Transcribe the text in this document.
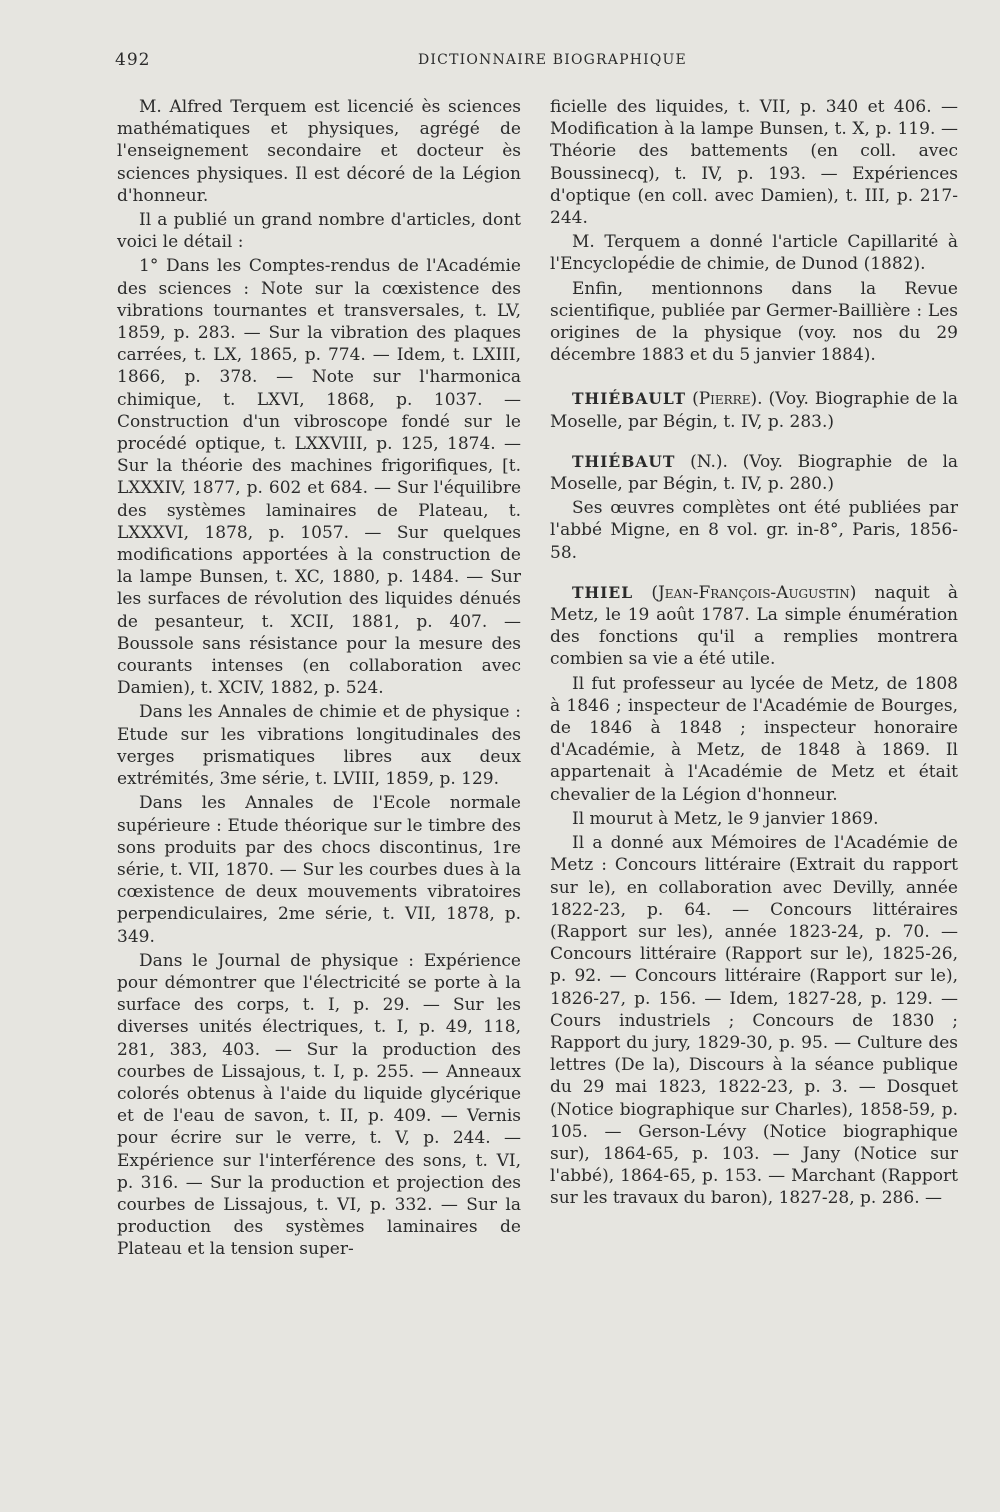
492	DICTIONNAIRE BIOGRAPHIQUE

M. Alfred Terquem est licencié ès sciences mathématiques et physiques, agrégé de l'enseignement secondaire et docteur ès sciences physiques. Il est décoré de la Légion d'honneur.

Il a publié un grand nombre d'articles, dont voici le détail :

1° Dans les Comptes-rendus de l'Académie des sciences : Note sur la cœxistence des vibrations tournantes et transversales, t. LV, 1859, p. 283. — Sur la vibration des plaques carrées, t. LX, 1865, p. 774. — Idem, t. LXIII, 1866, p. 378. — Note sur l'harmonica chimique, t. LXVI, 1868, p. 1037. — Construction d'un vibroscope fondé sur le procédé optique, t. LXXVIII, p. 125, 1874. — Sur la théorie des machines frigorifiques, [t. LXXXIV, 1877, p. 602 et 684. — Sur l'équilibre des systèmes laminaires de Plateau, t. LXXXVI, 1878, p. 1057. — Sur quelques modifications apportées à la construction de la lampe Bunsen, t. XC, 1880, p. 1484. — Sur les surfaces de révolution des liquides dénués de pesanteur, t. XCII, 1881, p. 407. — Boussole sans résistance pour la mesure des courants intenses (en collaboration avec Damien), t. XCIV, 1882, p. 524.

Dans les Annales de chimie et de physique : Etude sur les vibrations longitudinales des verges prismatiques libres aux deux extrémités, 3me série, t. LVIII, 1859, p. 129.

Dans les Annales de l'Ecole normale supérieure : Etude théorique sur le timbre des sons produits par des chocs discontinus, 1re série, t. VII, 1870. — Sur les courbes dues à la cœxistence de deux mouvements vibratoires perpendiculaires, 2me série, t. VII, 1878, p. 349.

Dans le Journal de physique : Expérience pour démontrer que l'électricité se porte à la surface des corps, t. I, p. 29. — Sur les diverses unités électriques, t. I, p. 49, 118, 281, 383, 403. — Sur la production des courbes de Lissajous, t. I, p. 255. — Anneaux colorés obtenus à l'aide du liquide glycérique et de l'eau de savon, t. II, p. 409. — Vernis pour écrire sur le verre, t. V, p. 244. — Expérience sur l'interférence des sons, t. VI, p. 316. — Sur la production et projection des courbes de Lissajous, t. VI, p. 332. — Sur la production des systèmes laminaires de Plateau et la tension super-

ficielle des liquides, t. VII, p. 340 et 406. — Modification à la lampe Bunsen, t. X, p. 119. — Théorie des battements (en coll. avec Boussinecq), t. IV, p. 193. — Expériences d'optique (en coll. avec Damien), t. III, p. 217-244.

M. Terquem a donné l'article Capillarité à l'Encyclopédie de chimie, de Dunod (1882).

Enfin, mentionnons dans la Revue scientifique, publiée par Germer-Baillière : Les origines de la physique (voy. nos du 29 décembre 1883 et du 5 janvier 1884).

THIÉBAULT (Pierre). (Voy. Biographie de la Moselle, par Bégin, t. IV, p. 283.)

THIÉBAUT (N.). (Voy. Biographie de la Moselle, par Bégin, t. IV, p. 280.)

Ses œuvres complètes ont été publiées par l'abbé Migne, en 8 vol. gr. in-8°, Paris, 1856-58.

THIEL (Jean-François-Augustin) naquit à Metz, le 19 août 1787. La simple énumération des fonctions qu'il a remplies montrera combien sa vie a été utile.

Il fut professeur au lycée de Metz, de 1808 à 1846 ; inspecteur de l'Académie de Bourges, de 1846 à 1848 ; inspecteur honoraire d'Académie, à Metz, de 1848 à 1869. Il appartenait à l'Académie de Metz et était chevalier de la Légion d'honneur.

Il mourut à Metz, le 9 janvier 1869.

Il a donné aux Mémoires de l'Académie de Metz : Concours littéraire (Extrait du rapport sur le), en collaboration avec Devilly, année 1822-23, p. 64. — Concours littéraires (Rapport sur les), année 1823-24, p. 70. — Concours littéraire (Rapport sur le), 1825-26, p. 92. — Concours littéraire (Rapport sur le), 1826-27, p. 156. — Idem, 1827-28, p. 129. — Cours industriels ; Concours de 1830 ; Rapport du jury, 1829-30, p. 95. — Culture des lettres (De la), Discours à la séance publique du 29 mai 1823, 1822-23, p. 3. — Dosquet (Notice biographique sur Charles), 1858-59, p. 105. — Gerson-Lévy (Notice biographique sur), 1864-65, p. 103. — Jany (Notice sur l'abbé), 1864-65, p. 153. — Marchant (Rapport sur les travaux du baron), 1827-28, p. 286. —
